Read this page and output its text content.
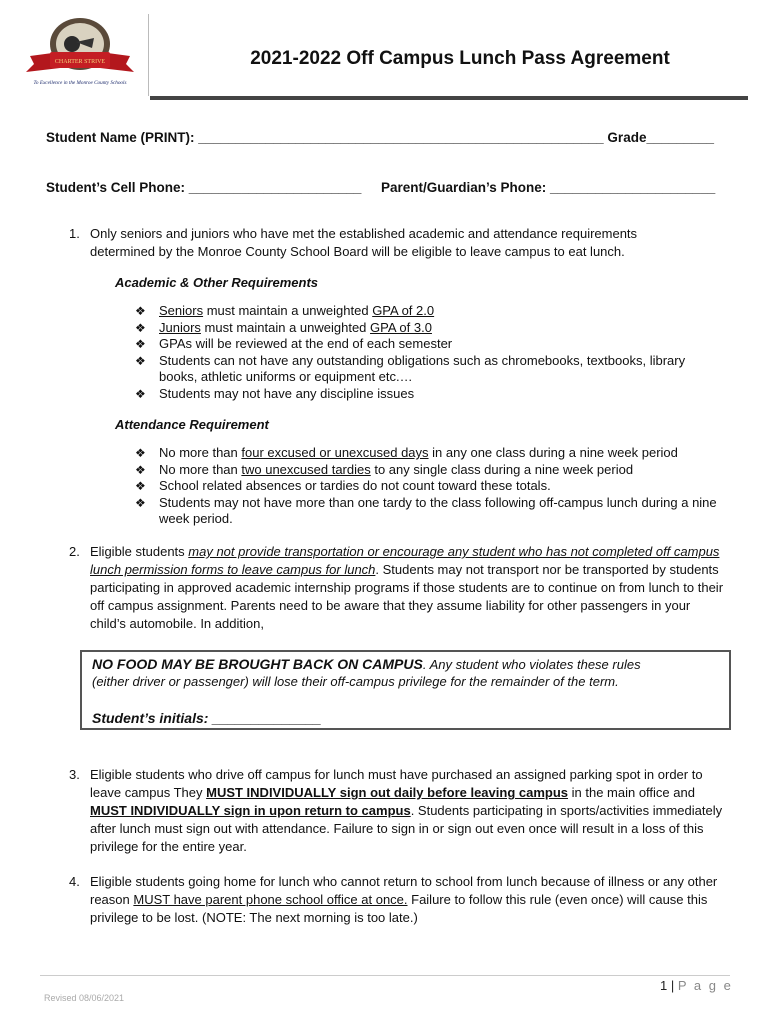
CHARTER STRIVE
To Excellence in the Monroe County Schools
2021-2022 Off Campus Lunch Pass Agreement
Student Name (PRINT): ______________________________________________________ Grade_________
Student’s Cell Phone: _______________________ Parent/Guardian’s Phone: ______________________
1. Only seniors and juniors who have met the established academic and attendance requirements
determined by the Monroe County School Board will be eligible to leave campus to eat lunch.
Academic & Other Requirements
❖ Seniors must maintain a unweighted GPA of 2.0
❖ Juniors must maintain a unweighted GPA of 3.0
❖ GPAs will be reviewed at the end of each semester
❖ Students can not have any outstanding obligations such as chromebooks, textbooks, library books, athletic uniforms or equipment etc.…
❖ Students may not have any discipline issues
Attendance Requirement
❖ No more than four excused or unexcused days in any one class during a nine week period
❖ No more than two unexcused tardies to any single class during a nine week period
❖ School related absences or tardies do not count toward these totals.
❖ Students may not have more than one tardy to the class following off-campus lunch during a nine week period.
2. Eligible students may not provide transportation or encourage any student who has not completed off campus lunch permission forms to leave campus for lunch. Students may not transport nor be transported by students participating in approved academic internship programs if those students are to continue on from lunch to their off campus assignment. Parents need to be aware that they assume liability for other passengers in your child’s automobile. In addition,
NO FOOD MAY BE BROUGHT BACK ON CAMPUS. Any student who violates these rules
(either driver or passenger) will lose their off-campus privilege for the remainder of the term.
Student’s initials: ______________
3. Eligible students who drive off campus for lunch must have purchased an assigned parking spot in order to leave campus They MUST INDIVIDUALLY sign out daily before leaving campus in the main office and MUST INDIVIDUALLY sign in upon return to campus. Students participating in sports/activities immediately after lunch must sign out with attendance. Failure to sign in or sign out even once will result in a loss of this privilege for the entire year.
4. Eligible students going home for lunch who cannot return to school from lunch because of illness or any other reason MUST have parent phone school office at once. Failure to follow this rule (even once) will cause this privilege to be lost. (NOTE: The next morning is too late.)
1 | P a g e
Revised 08/06/2021
